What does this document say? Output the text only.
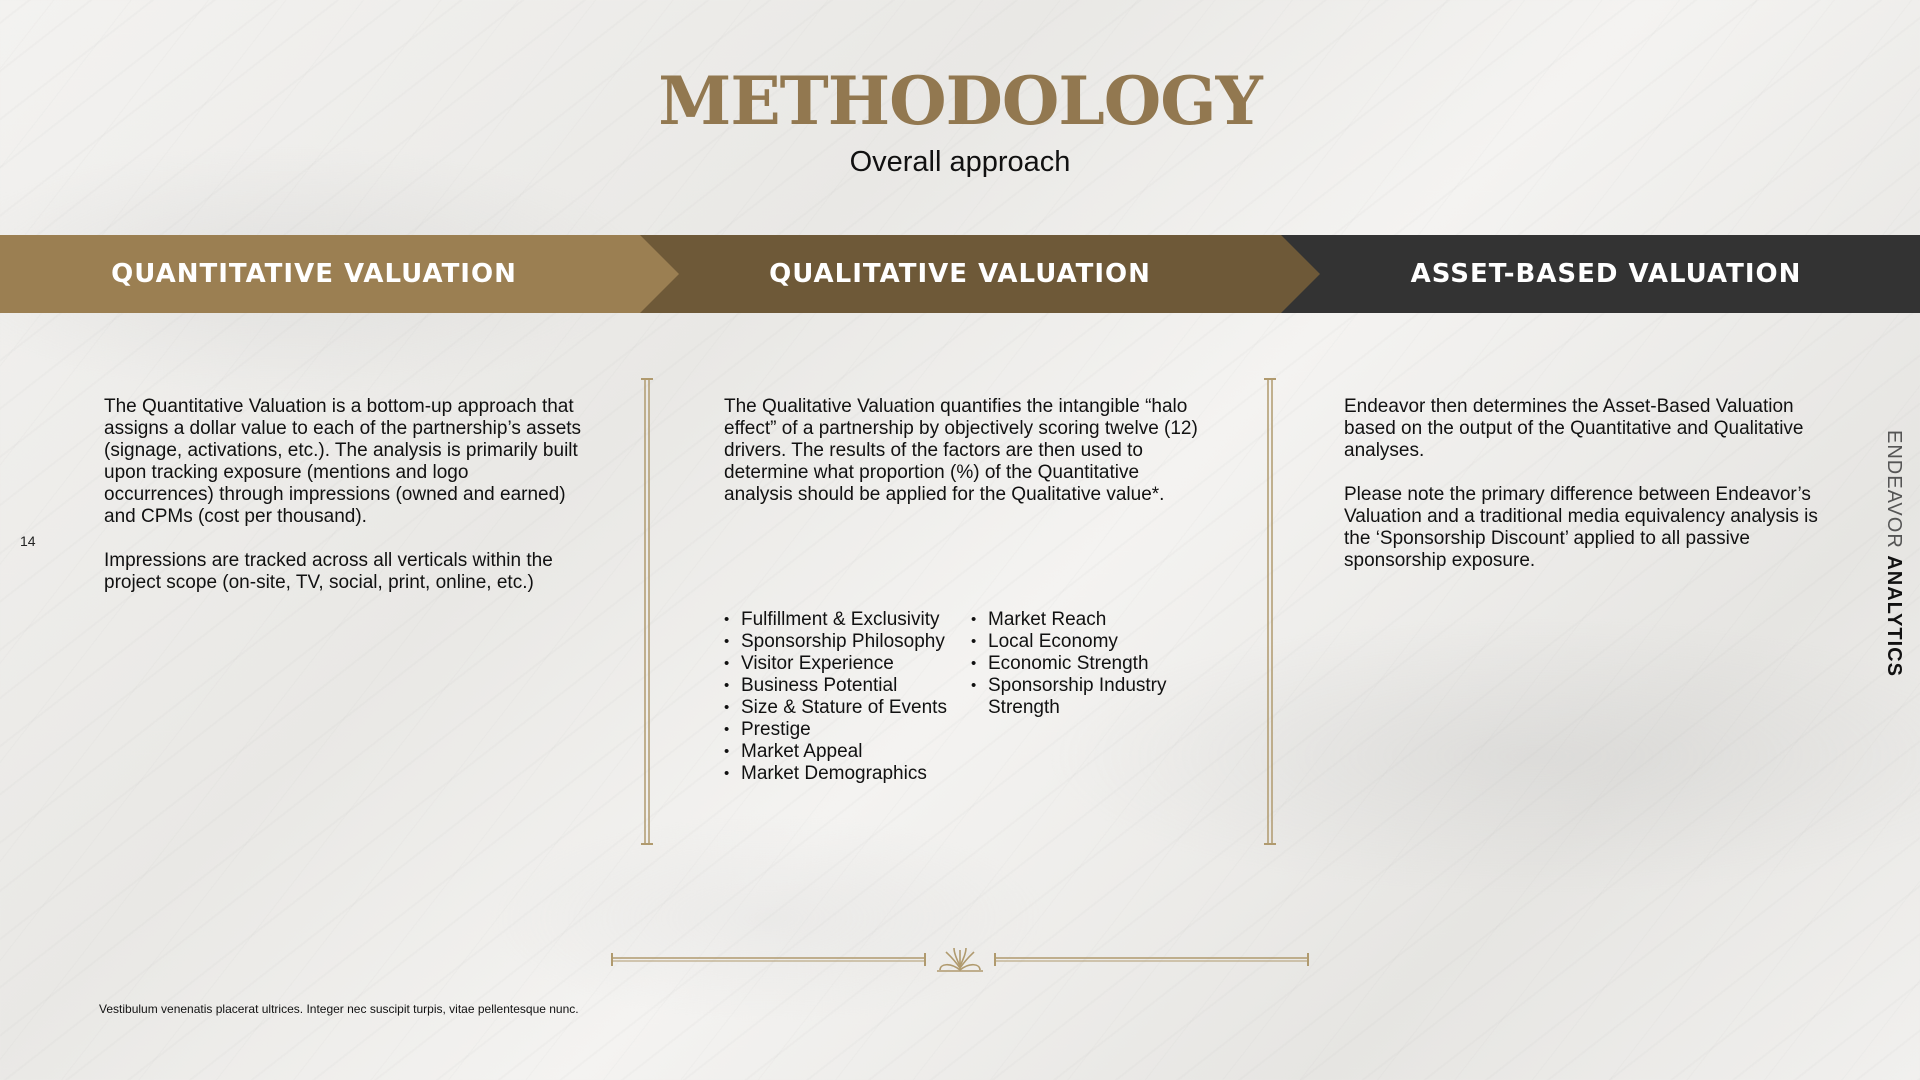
METHODOLOGY
Overall approach
QUANTITATIVE VALUATION	QUALITATIVE VALUATION	ASSET-BASED VALUATION

The Quantitative Valuation is a bottom-up approach that assigns a dollar value to each of the partnership’s assets (signage, activations, etc.). The analysis is primarily built upon tracking exposure (mentions and logo occurrences) through impressions (owned and earned) and CPMs (cost per thousand).

Impressions are tracked across all verticals within the project scope (on-site, TV, social, print, online, etc.)

The Qualitative Valuation quantifies the intangible “halo effect” of a partnership by objectively scoring twelve (12) drivers. The results of the factors are then used to determine what proportion (%) of the Quantitative analysis should be applied for the Qualitative value*.

• Fulfillment & Exclusivity
• Sponsorship Philosophy
• Visitor Experience
• Business Potential
• Size & Stature of Events
• Prestige
• Market Appeal
• Market Demographics
• Market Reach
• Local Economy
• Economic Strength
• Sponsorship Industry Strength

Endeavor then determines the Asset-Based Valuation based on the output of the Quantitative and Qualitative analyses.

Please note the primary difference between Endeavor’s Valuation and a traditional media equivalency analysis is the ‘Sponsorship Discount’ applied to all passive sponsorship exposure.

14
Vestibulum venenatis placerat ultrices. Integer nec suscipit turpis, vitae pellentesque nunc.
ENDEAVOR ANALYTICS
